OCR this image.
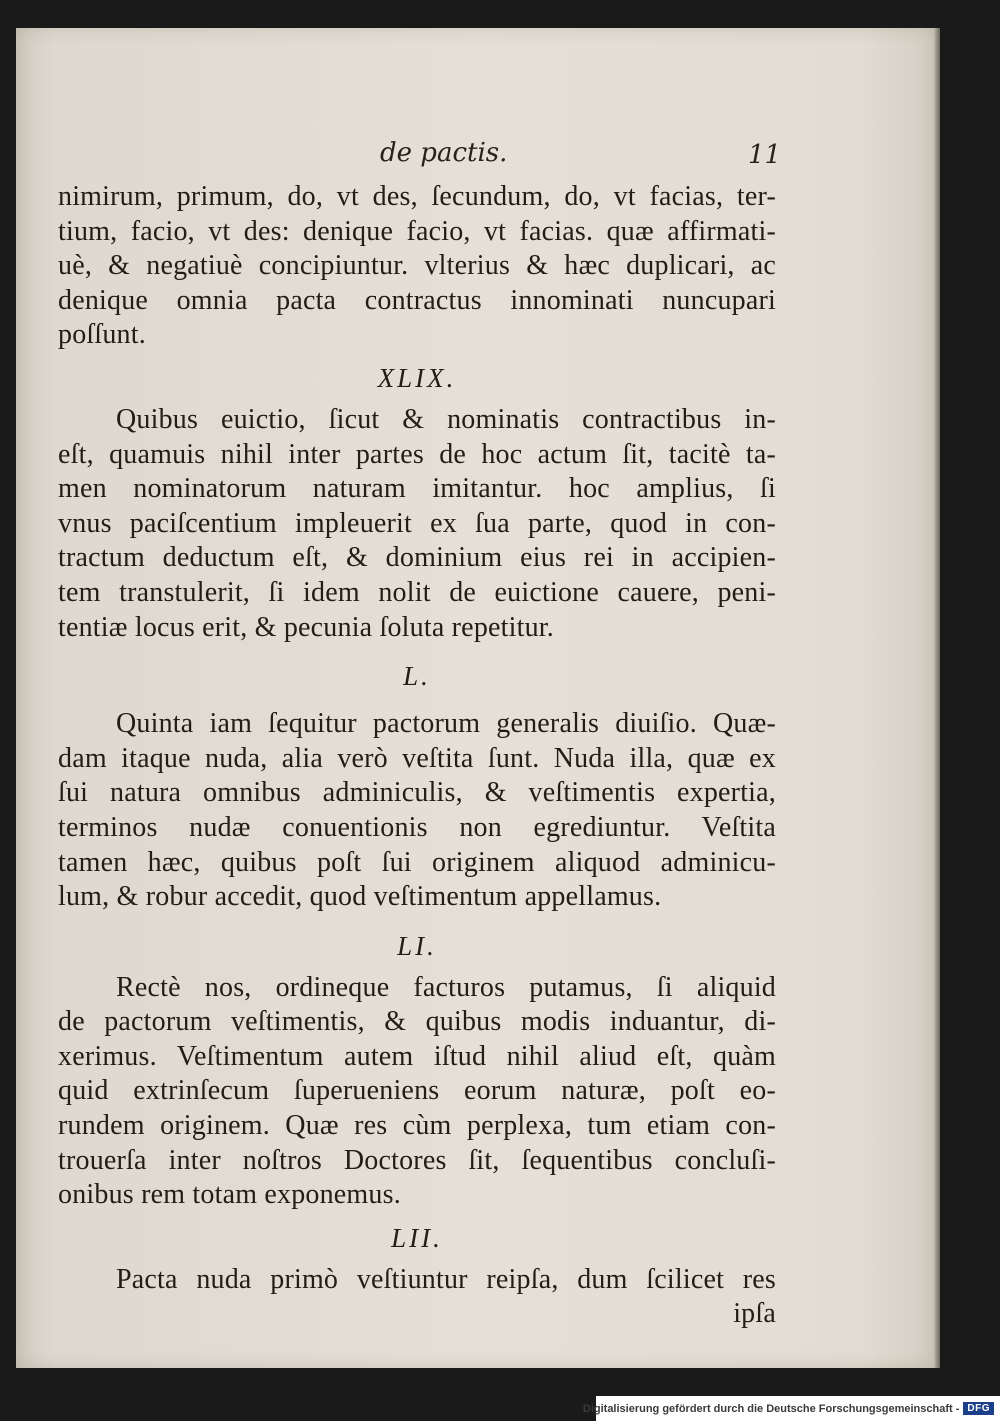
de pactis.	11
nimirum, primum, do, vt des, ſecundum, do, vt facias, ter-
tium, facio, vt des: denique facio, vt facias. quæ affirmati-
uè, & negatiuè concipiuntur. vlterius & hæc duplicari, ac
denique omnia pacta contractus innominati nuncupari
poſſunt.
XLIX.
Quibus euictio, ſicut & nominatis contractibus in-
eſt, quamuis nihil inter partes de hoc actum ſit, tacitè ta-
men nominatorum naturam imitantur. hoc amplius, ſi
vnus paciſcentium impleuerit ex ſua parte, quod in con-
tractum deductum eſt, & dominium eius rei in accipien-
tem transtulerit, ſi idem nolit de euictione cauere, peni-
tentiæ locus erit, & pecunia ſoluta repetitur.
L.
Quinta iam ſequitur pactorum generalis diuiſio. Quæ-
dam itaque nuda, alia verò veſtita ſunt. Nuda illa, quæ ex
ſui natura omnibus adminiculis, & veſtimentis expertia,
terminos nudæ conuentionis non egrediuntur. Veſtita
tamen hæc, quibus poſt ſui originem aliquod adminicu-
lum, & robur accedit, quod veſtimentum appellamus.
LI.
Rectè nos, ordineque facturos putamus, ſi aliquid
de pactorum veſtimentis, & quibus modis induantur, di-
xerimus. Veſtimentum autem iſtud nihil aliud eſt, quàm
quid extrinſecum ſuperueniens eorum naturæ, poſt eo-
rundem originem. Quæ res cùm perplexa, tum etiam con-
trouerſa inter noſtros Doctores ſit, ſequentibus concluſi-
onibus rem totam exponemus.
LII.
Pacta nuda primò veſtiuntur reipſa, dum ſcilicet res
ipſa
Digitalisierung gefördert durch die Deutsche Forschungsgemeinschaft - DFG
